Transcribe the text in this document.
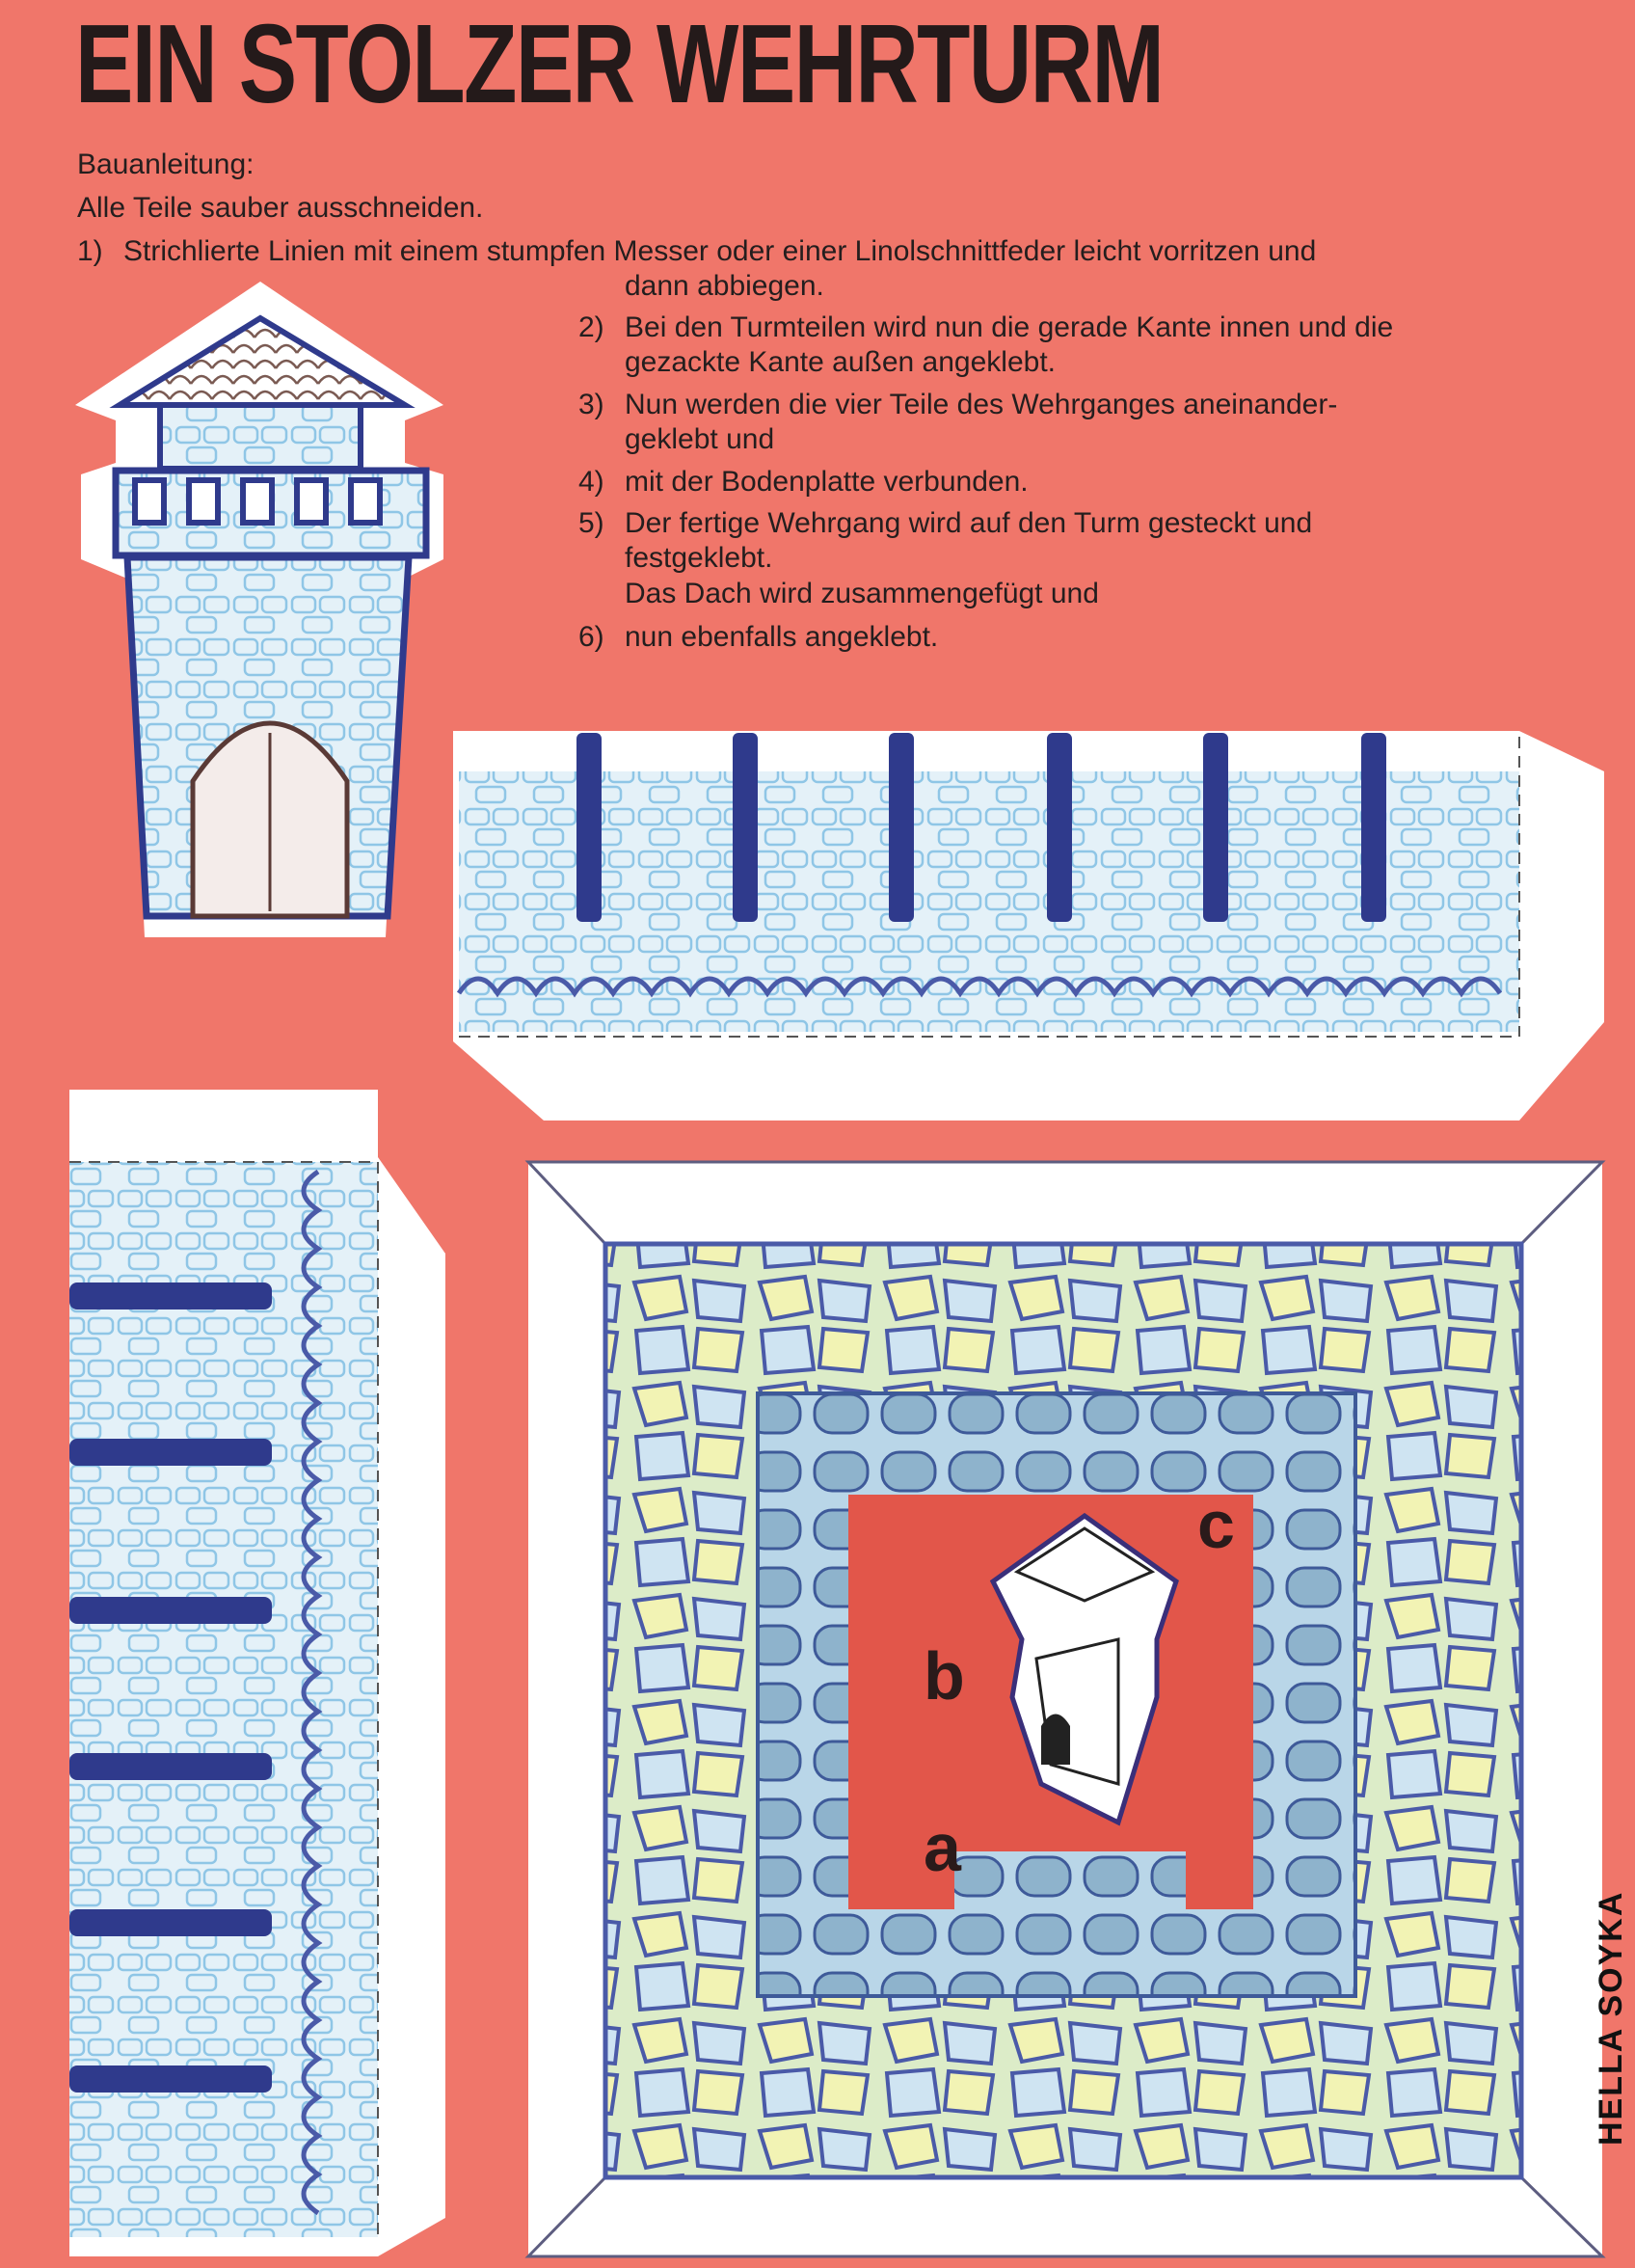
EIN STOLZER WEHRTURM
Bauanleitung:
Alle Teile sauber ausschneiden.
1) Strichlierte Linien mit einem stumpfen Messer oder einer Linolschnittfeder leicht vorritzen und
dann abbiegen.
2) Bei den Turmteilen wird nun die gerade Kante innen und die
gezackte Kante außen angeklebt.
3) Nun werden die vier Teile des Wehrganges aneinander-
geklebt und
4) mit der Bodenplatte verbunden.
5) Der fertige Wehrgang wird auf den Turm gesteckt und
festgeklebt.
Das Dach wird zusammengefügt und
6) nun ebenfalls angeklebt.
c
b
a
HELLA SOYKA
